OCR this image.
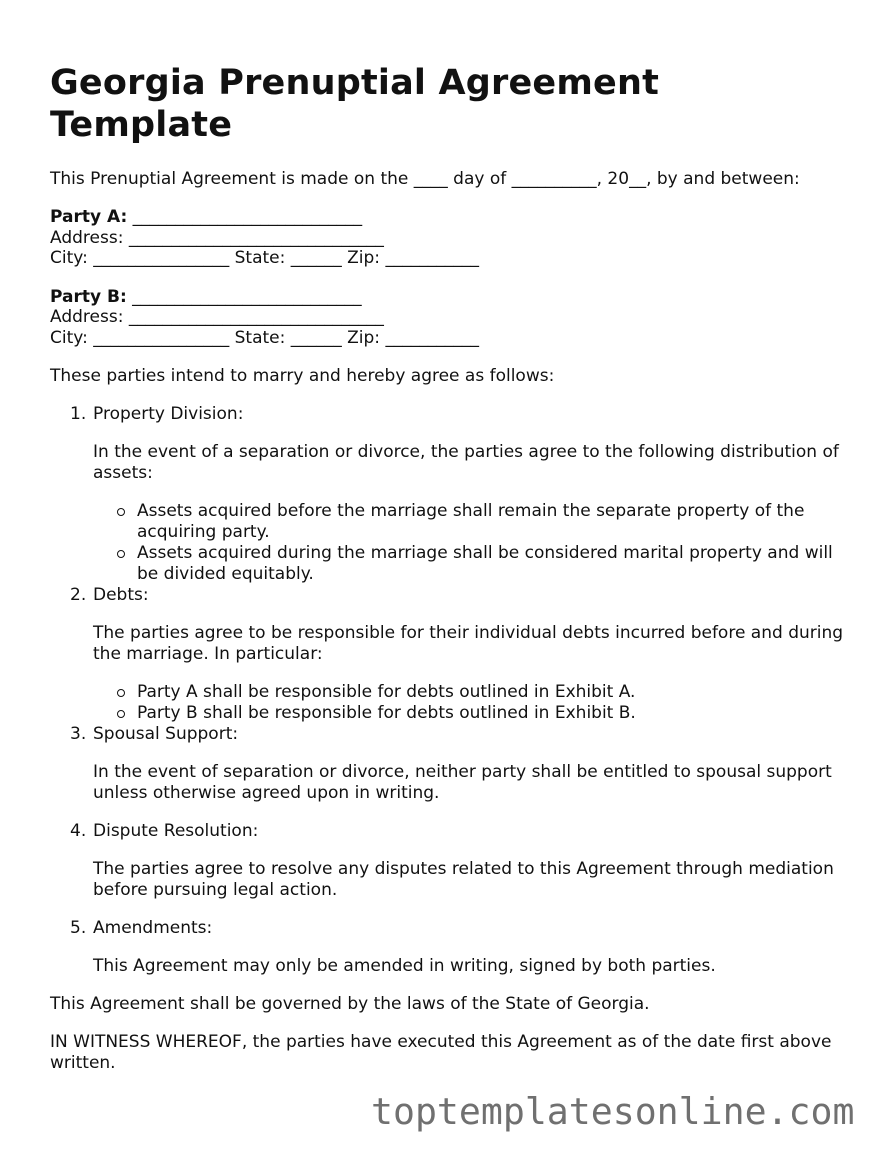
Georgia Prenuptial Agreement
Template

This Prenuptial Agreement is made on the ____ day of __________, 20__, by and between:

Party A: ___________________________
Address: ______________________________
City: ________________ State: ______ Zip: ___________
Party B: ___________________________
Address: ______________________________
City: ________________ State: ______ Zip: ___________

These parties intend to marry and hereby agree as follows:

1. Property Division:
In the event of a separation or divorce, the parties agree to the following distribution of assets:
Assets acquired before the marriage shall remain the separate property of the acquiring party.
Assets acquired during the marriage shall be considered marital property and will be divided equitably.
2. Debts:
The parties agree to be responsible for their individual debts incurred before and during the marriage. In particular:
Party A shall be responsible for debts outlined in Exhibit A.
Party B shall be responsible for debts outlined in Exhibit B.
3. Spousal Support:
In the event of separation or divorce, neither party shall be entitled to spousal support unless otherwise agreed upon in writing.
4. Dispute Resolution:
The parties agree to resolve any disputes related to this Agreement through mediation before pursuing legal action.
5. Amendments:
This Agreement may only be amended in writing, signed by both parties.

This Agreement shall be governed by the laws of the State of Georgia.

IN WITNESS WHEREOF, the parties have executed this Agreement as of the date first above written.

toptemplatesonline.com
